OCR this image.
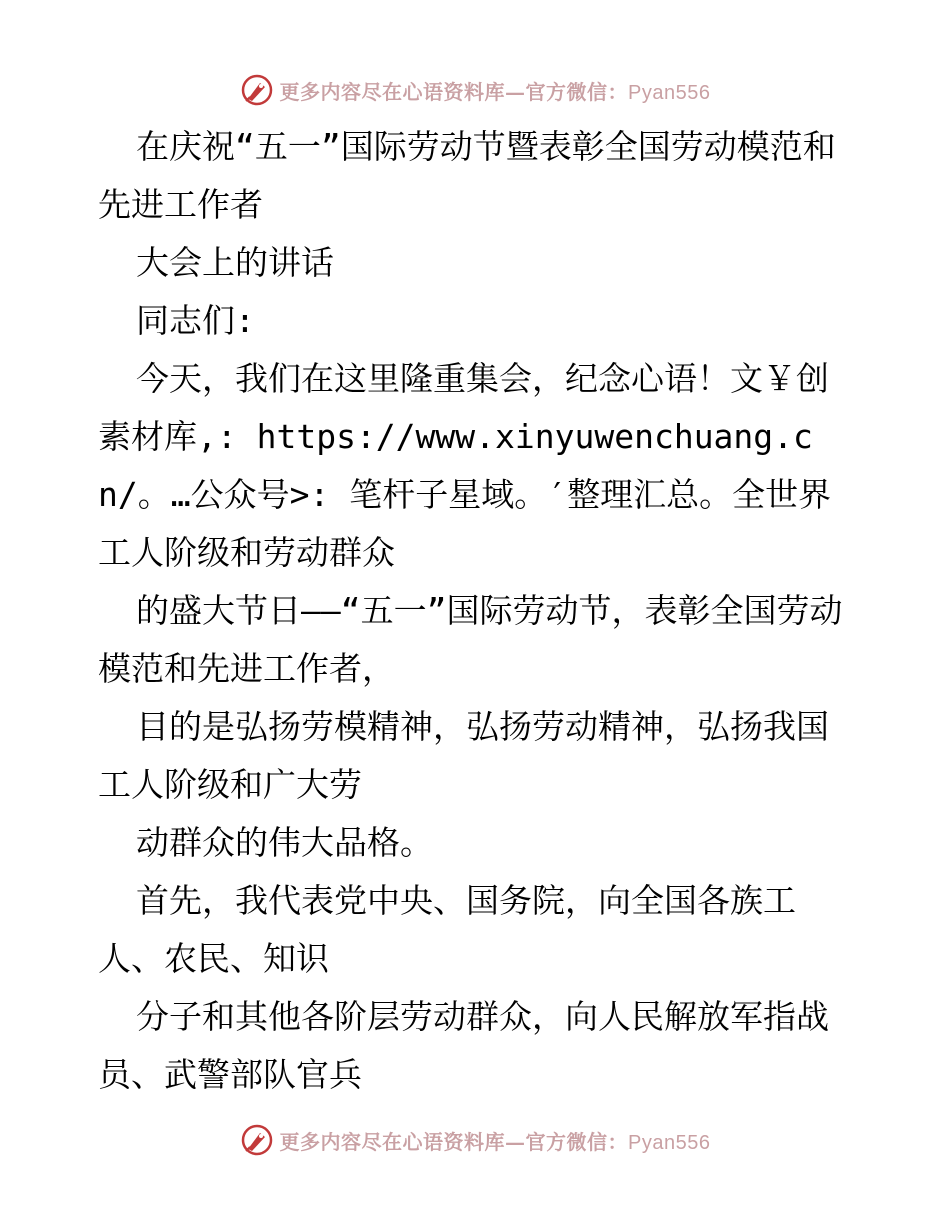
更多内容尽在心语资料库—官方微信：Pyan556

在庆祝“五一”国际劳动节暨表彰全国劳动模范和先进工作者

大会上的讲话

同志们:

今天，我们在这里隆重集会，纪念心语！文￥创素材库,: https://www.xinyuwenchuang.cn/。…公众号>: 笔杆子星域。′整理汇总。全世界工人阶级和劳动群众

的盛大节日——“五一”国际劳动节，表彰全国劳动模范和先进工作者，

目的是弘扬劳模精神，弘扬劳动精神，弘扬我国工人阶级和广大劳

动群众的伟大品格。

首先，我代表党中央、国务院，向全国各族工人、农民、知识

分子和其他各阶层劳动群众，向人民解放军指战员、武警部队官兵

更多内容尽在心语资料库—官方微信：Pyan556
